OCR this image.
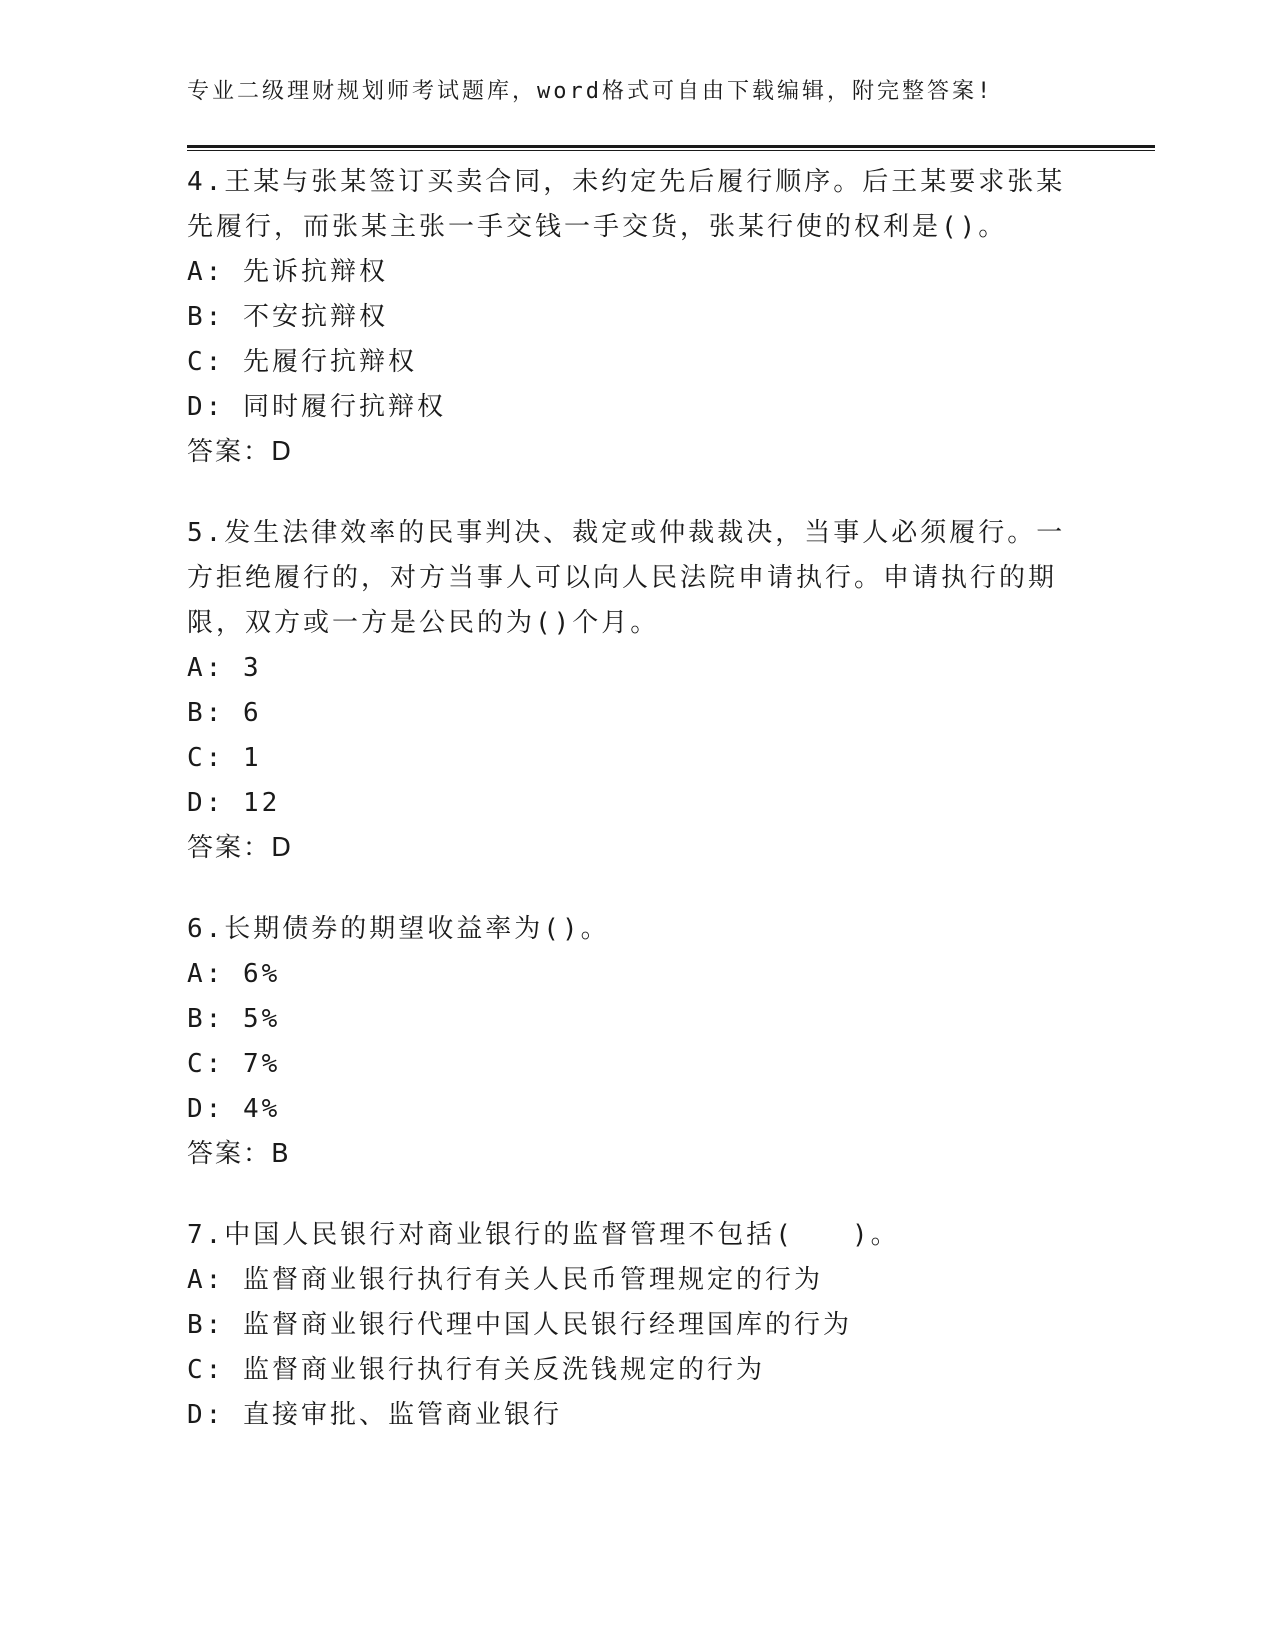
专业二级理财规划师考试题库，word格式可自由下载编辑，附完整答案!
4.王某与张某签订买卖合同，未约定先后履行顺序。后王某要求张某先履行，而张某主张一手交钱一手交货，张某行使的权利是()。
A: 先诉抗辩权
B: 不安抗辩权
C: 先履行抗辩权
D: 同时履行抗辩权
答案：D
5.发生法律效率的民事判决、裁定或仲裁裁决，当事人必须履行。一方拒绝履行的，对方当事人可以向人民法院申请执行。申请执行的期限，双方或一方是公民的为()个月。
A: 3
B: 6
C: 1
D: 12
答案：D
6.长期债券的期望收益率为()。
A: 6%
B: 5%
C: 7%
D: 4%
答案：B
7.中国人民银行对商业银行的监督管理不包括(　　)。
A: 监督商业银行执行有关人民币管理规定的行为
B: 监督商业银行代理中国人民银行经理国库的行为
C: 监督商业银行执行有关反洗钱规定的行为
D: 直接审批、监管商业银行
